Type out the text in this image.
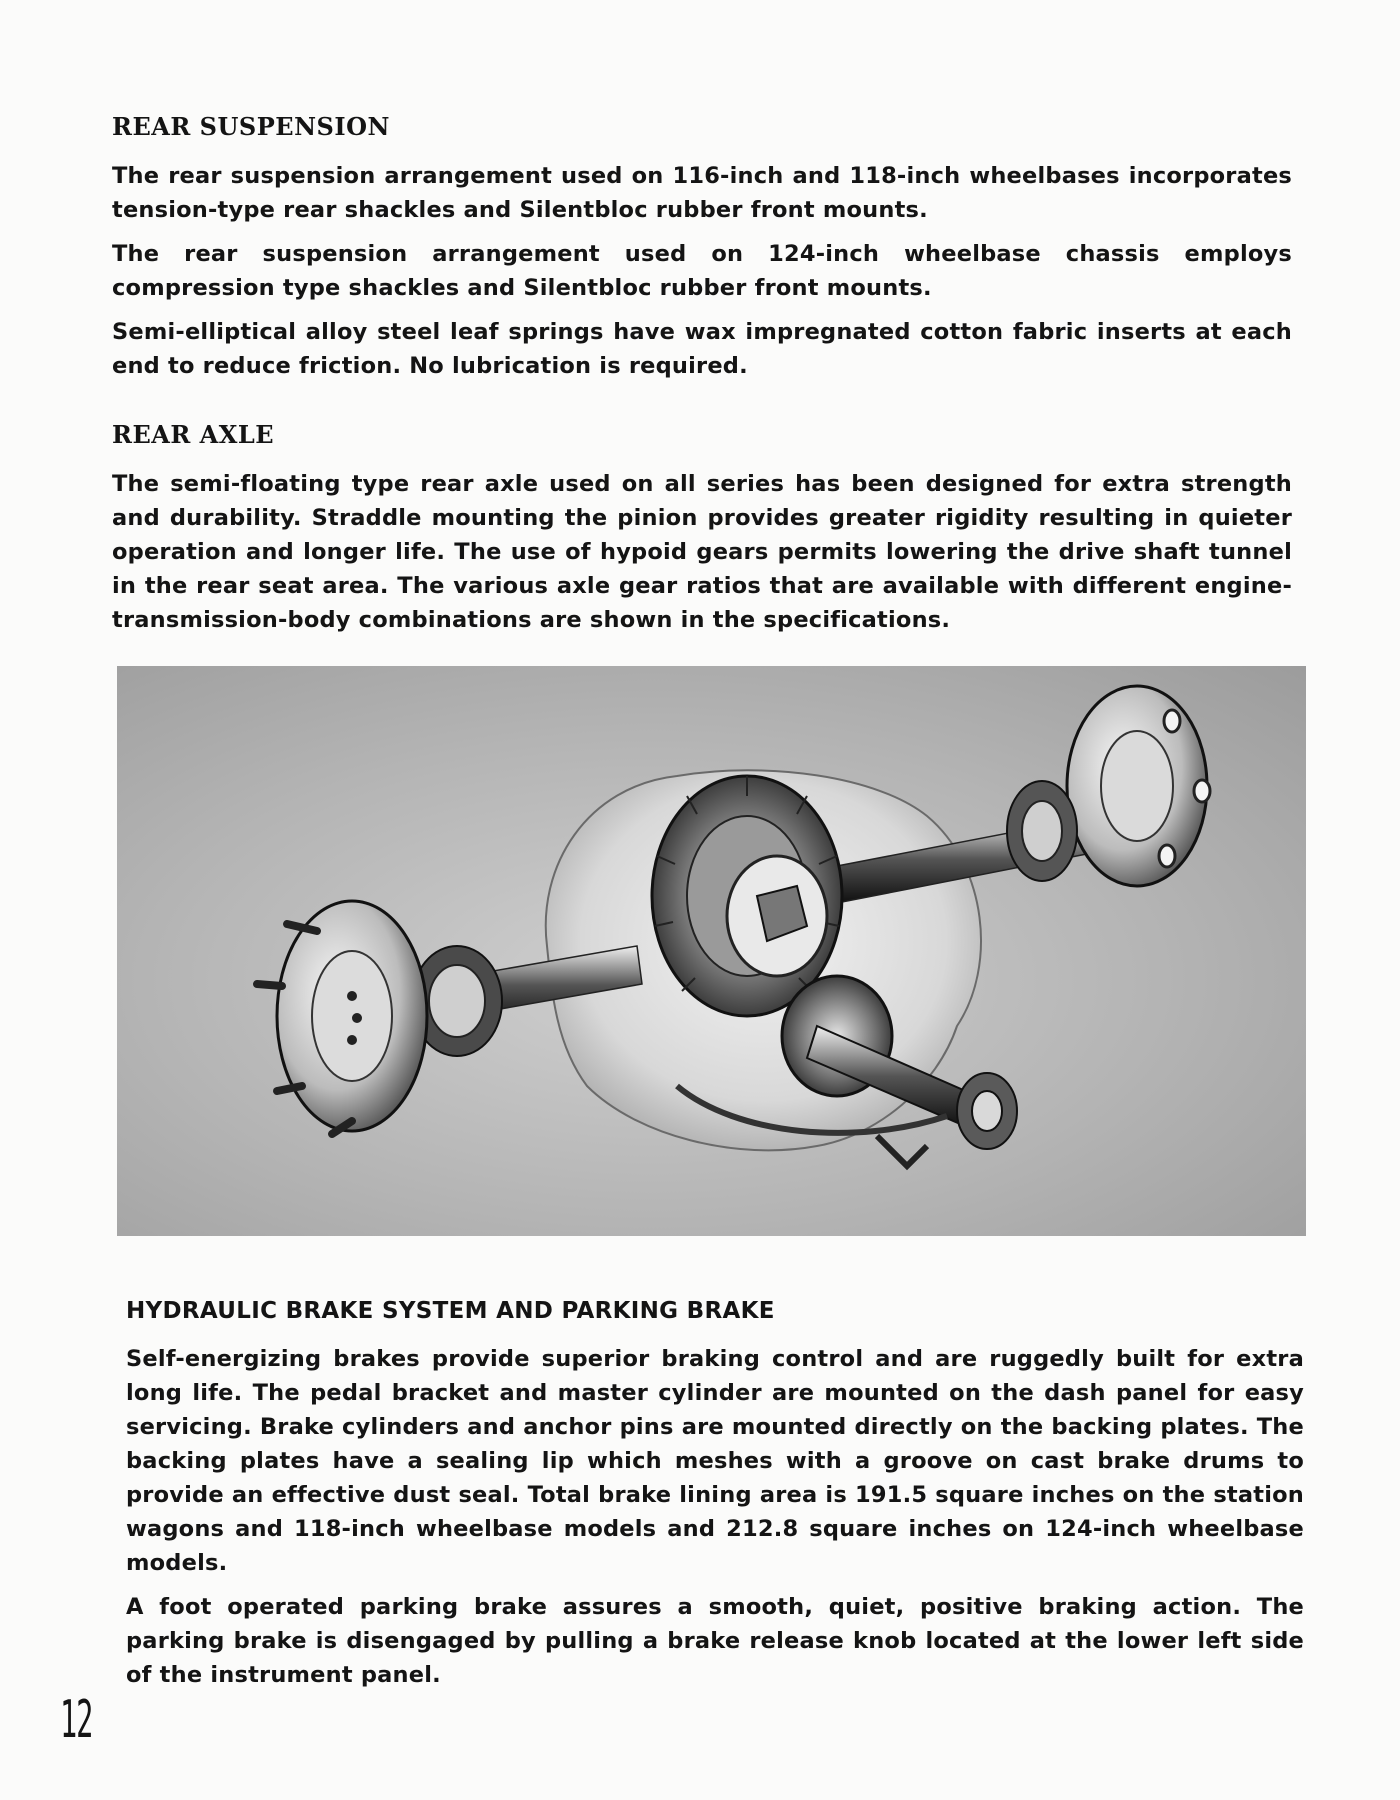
REAR SUSPENSION

The rear suspension arrangement used on 116-inch and 118-inch wheelbases incorporates tension-type rear shackles and Silentbloc rubber front mounts.

The rear suspension arrangement used on 124-inch wheelbase chassis employs compression type shackles and Silentbloc rubber front mounts.

Semi-elliptical alloy steel leaf springs have wax impregnated cotton fabric inserts at each end to reduce friction. No lubrication is required.

REAR AXLE

The semi-floating type rear axle used on all series has been designed for extra strength and durability. Straddle mounting the pinion provides greater rigidity resulting in quieter operation and longer life. The use of hypoid gears permits lowering the drive shaft tunnel in the rear seat area. The various axle gear ratios that are available with different engine-transmission-body combinations are shown in the specifications.

HYDRAULIC BRAKE SYSTEM AND PARKING BRAKE

Self-energizing brakes provide superior braking control and are ruggedly built for extra long life. The pedal bracket and master cylinder are mounted on the dash panel for easy servicing. Brake cylinders and anchor pins are mounted directly on the backing plates. The backing plates have a sealing lip which meshes with a groove on cast brake drums to provide an effective dust seal. Total brake lining area is 191.5 square inches on the station wagons and 118-inch wheelbase models and 212.8 square inches on 124-inch wheelbase models.

A foot operated parking brake assures a smooth, quiet, positive braking action. The parking brake is disengaged by pulling a brake release knob located at the lower left side of the instrument panel.

12
